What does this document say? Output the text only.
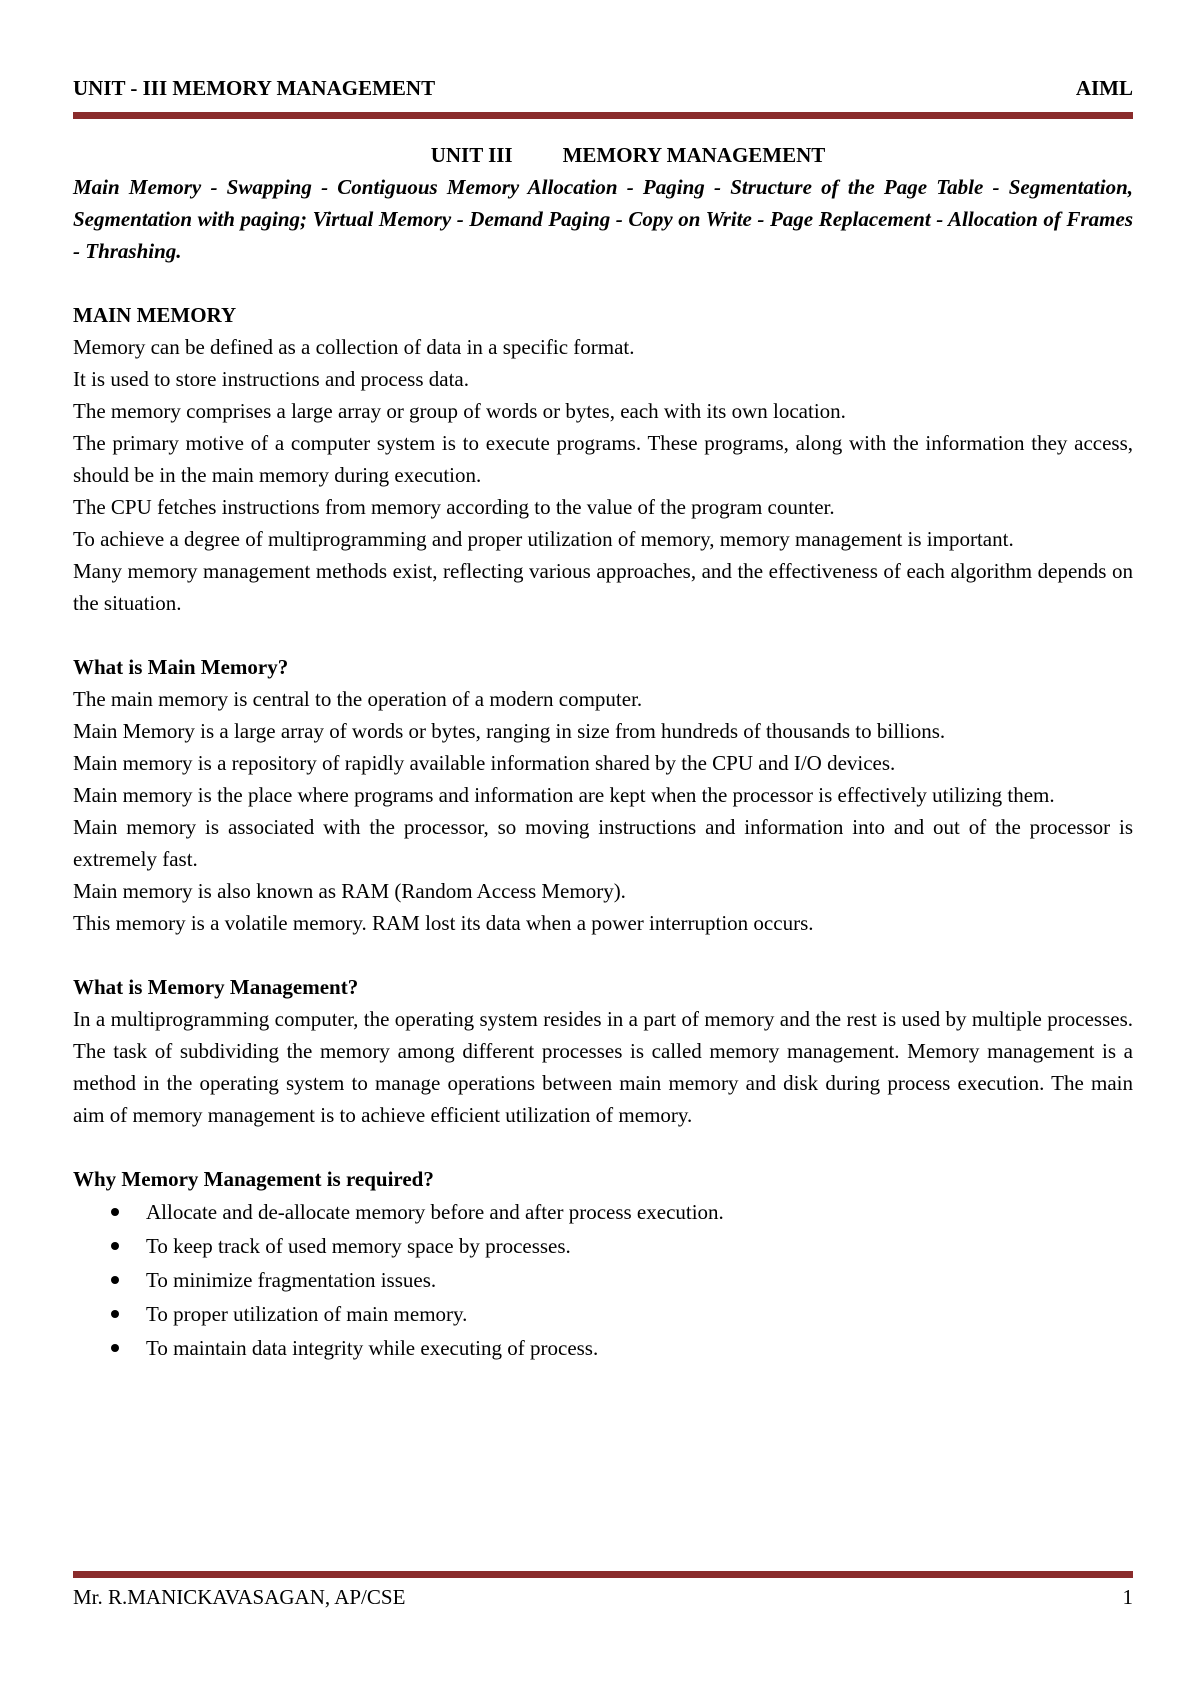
UNIT - III MEMORY MANAGEMENT	AIML

UNIT III MEMORY MANAGEMENT

Main Memory - Swapping - Contiguous Memory Allocation - Paging - Structure of the Page Table - Segmentation, Segmentation with paging; Virtual Memory - Demand Paging - Copy on Write - Page Replacement - Allocation of Frames - Thrashing.

MAIN MEMORY

Memory can be defined as a collection of data in a specific format.

It is used to store instructions and process data.

The memory comprises a large array or group of words or bytes, each with its own location.

The primary motive of a computer system is to execute programs. These programs, along with the information they access, should be in the main memory during execution.

The CPU fetches instructions from memory according to the value of the program counter.

To achieve a degree of multiprogramming and proper utilization of memory, memory management is important.

Many memory management methods exist, reflecting various approaches, and the effectiveness of each algorithm depends on the situation.

What is Main Memory?

The main memory is central to the operation of a modern computer.

Main Memory is a large array of words or bytes, ranging in size from hundreds of thousands to billions.

Main memory is a repository of rapidly available information shared by the CPU and I/O devices.

Main memory is the place where programs and information are kept when the processor is effectively utilizing them.

Main memory is associated with the processor, so moving instructions and information into and out of the processor is extremely fast.

Main memory is also known as RAM (Random Access Memory).

This memory is a volatile memory. RAM lost its data when a power interruption occurs.

What is Memory Management?

In a multiprogramming computer, the operating system resides in a part of memory and the rest is used by multiple processes. The task of subdividing the memory among different processes is called memory management. Memory management is a method in the operating system to manage operations between main memory and disk during process execution. The main aim of memory management is to achieve efficient utilization of memory.

Why Memory Management is required?

Allocate and de-allocate memory before and after process execution.
To keep track of used memory space by processes.
To minimize fragmentation issues.
To proper utilization of main memory.
To maintain data integrity while executing of process.
Mr. R.MANICKAVASAGAN, AP/CSE	1
